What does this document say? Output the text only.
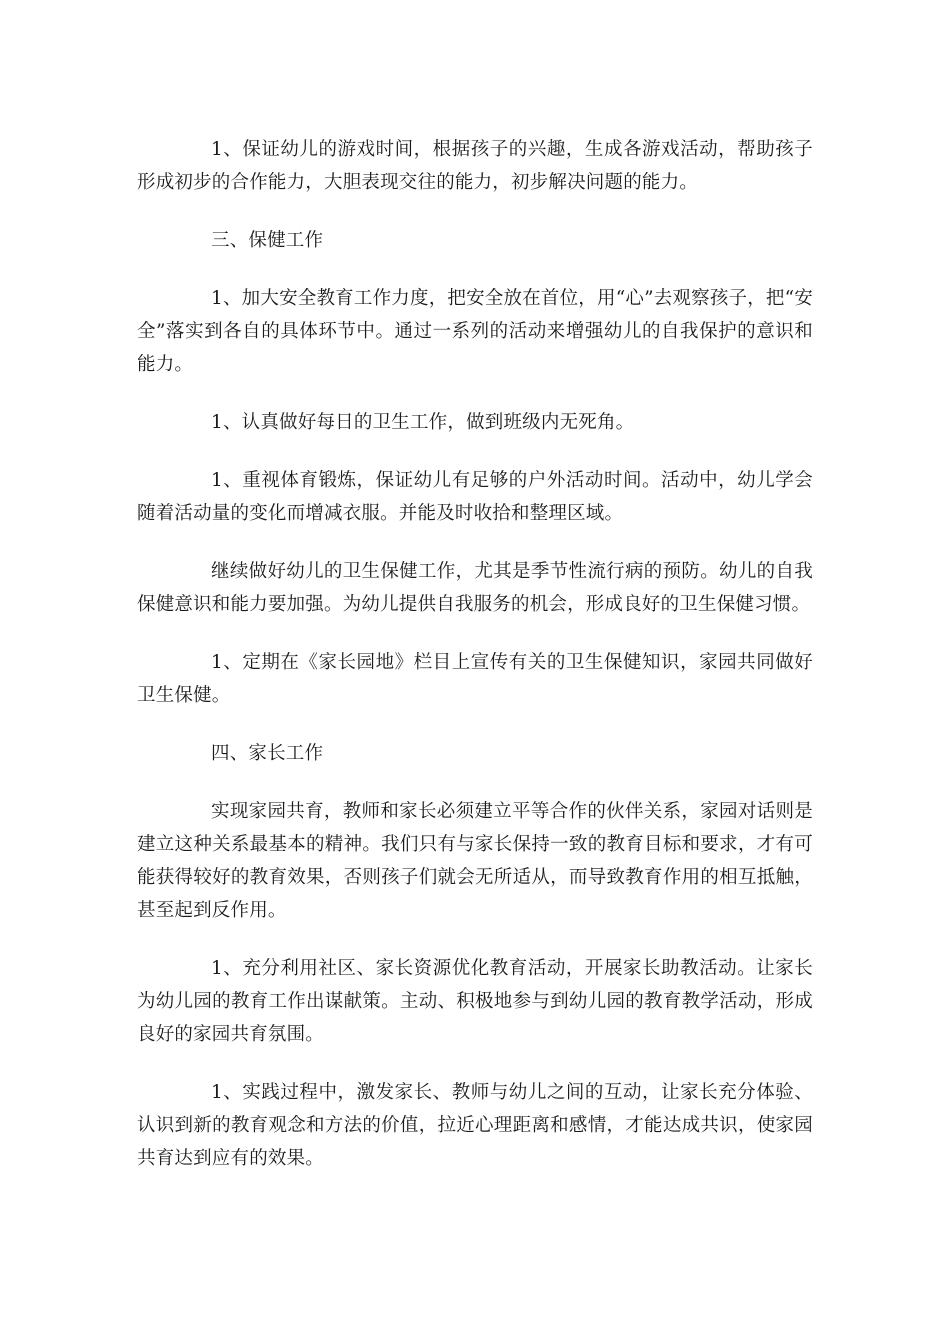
1、保证幼儿的游戏时间，根据孩子的兴趣，生成各游戏活动，帮助孩子形成初步的合作能力，大胆表现交往的能力，初步解决问题的能力。

三、保健工作

1、加大安全教育工作力度，把安全放在首位，用“心”去观察孩子，把“安全”落实到各自的具体环节中。通过一系列的活动来增强幼儿的自我保护的意识和能力。

1、认真做好每日的卫生工作，做到班级内无死角。

1、重视体育锻炼，保证幼儿有足够的户外活动时间。活动中，幼儿学会随着活动量的变化而增减衣服。并能及时收拾和整理区域。

继续做好幼儿的卫生保健工作，尤其是季节性流行病的预防。幼儿的自我保健意识和能力要加强。为幼儿提供自我服务的机会，形成良好的卫生保健习惯。

1、定期在《家长园地》栏目上宣传有关的卫生保健知识，家园共同做好卫生保健。

四、家长工作

实现家园共育，教师和家长必须建立平等合作的伙伴关系，家园对话则是建立这种关系最基本的精神。我们只有与家长保持一致的教育目标和要求，才有可能获得较好的教育效果，否则孩子们就会无所适从，而导致教育作用的相互抵触，甚至起到反作用。

1、充分利用社区、家长资源优化教育活动，开展家长助教活动。让家长为幼儿园的教育工作出谋献策。主动、积极地参与到幼儿园的教育教学活动，形成良好的家园共育氛围。

1、实践过程中，激发家长、教师与幼儿之间的互动，让家长充分体验、认识到新的教育观念和方法的价值，拉近心理距离和感情，才能达成共识，使家园共育达到应有的效果。
